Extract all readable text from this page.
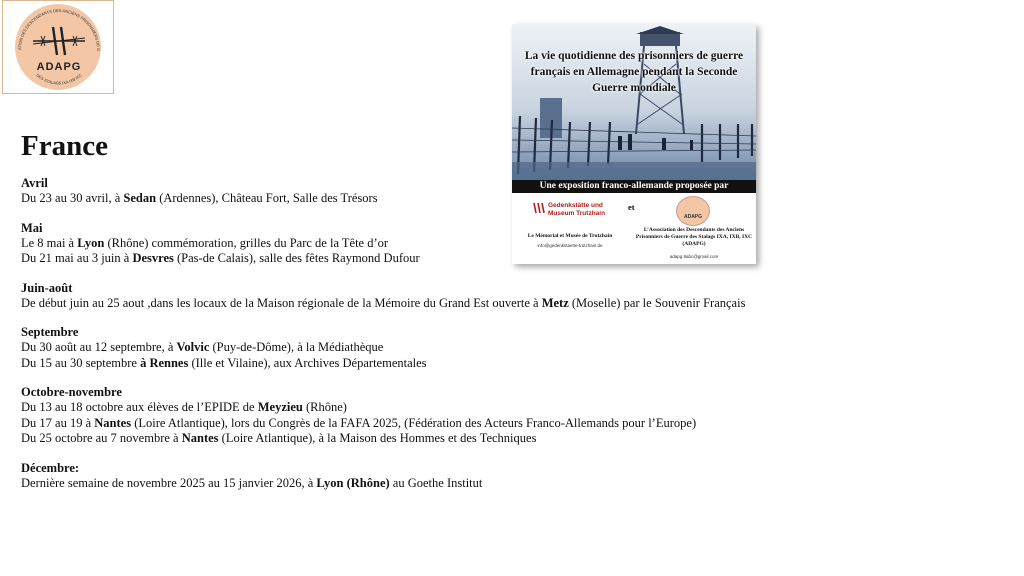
ATION DES DESCENDANTS DES ANCIENS PRISONNIERS DE G
DES STALAGS IXA IXB IXC
ADAPG
France
Avril
Du 23 au 30 avril, à Sedan (Ardennes), Château Fort, Salle des Trésors
Mai
Le 8 mai à Lyon (Rhône) commémoration, grilles du Parc de la Tête d’or
Du 21 mai au 3 juin à Desvres (Pas-de Calais), salle des fêtes Raymond Dufour
Juin-août
De début juin au 25 aout ,dans les locaux de la Maison régionale de la Mémoire du Grand Est ouverte à Metz (Moselle) par le Souvenir Français
Septembre
Du 30 août au 12 septembre, à Volvic (Puy-de-Dôme), à la Médiathèque
Du 15 au 30 septembre à Rennes (Ille et Vilaine), aux Archives Départementales
Octobre-novembre
Du 13 au 18 octobre aux élèves de l’EPIDE de Meyzieu (Rhône)
Du 17 au 19 à Nantes (Loire Atlantique), lors du Congrès de la FAFA 2025, (Fédération des Acteurs Franco-Allemands pour l’Europe)
Du 25 octobre au 7 novembre à Nantes (Loire Atlantique), à la Maison des Hommes et des Techniques
Décembre:
Dernière semaine de novembre 2025 au 15 janvier 2026, à Lyon (Rhône) au Goethe Institut
La vie quotidienne des prisonniers de guerre français en Allemagne pendant la Seconde Guerre mondiale
Une exposition franco-allemande proposée par
Gedenkstätte und Museum Trutzhain
et
ADAPG
Le Mémorial et Musée de Trutzhain
info@gedenkstaette-trutzhain.de
L’Association des Descendants des Anciens Prisonniers de Guerre des Stalags IXA, IXB, IXC (ADAPG)
adapg.9abc@gmail.com
